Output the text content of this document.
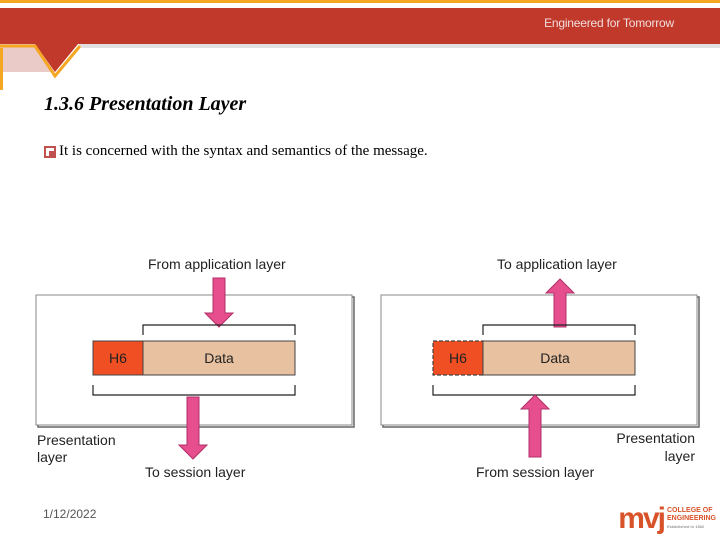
Engineered for Tomorrow
1.3.6 Presentation Layer
It is concerned with the syntax and semantics of the message.
From application layer
H6	Data
To session layer
Presentation
layer
To application layer
H6	Data
From session layer
Presentation
layer
1/12/2022	mvj COLLEGE OF
ENGINEERING
Established in 1982
